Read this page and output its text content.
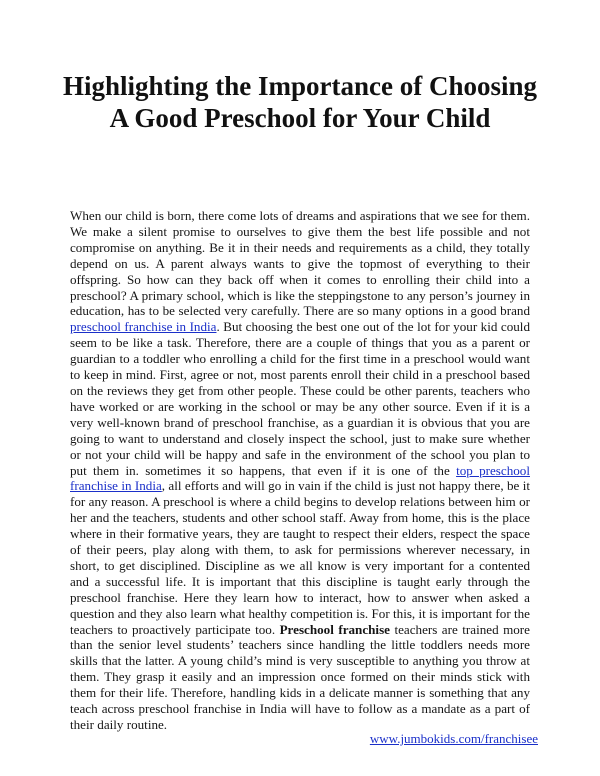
Highlighting the Importance of Choosing A Good Preschool for Your Child

When our child is born, there come lots of dreams and aspirations that we see for them. We make a silent promise to ourselves to give them the best life possible and not compromise on anything. Be it in their needs and requirements as a child, they totally depend on us. A parent always wants to give the topmost of everything to their offspring. So how can they back off when it comes to enrolling their child into a preschool? A primary school, which is like the steppingstone to any person’s journey in education, has to be selected very carefully. There are so many options in a good brand preschool franchise in India. But choosing the best one out of the lot for your kid could seem to be like a task. Therefore, there are a couple of things that you as a parent or guardian to a toddler who enrolling a child for the first time in a preschool would want to keep in mind. First, agree or not, most parents enroll their child in a preschool based on the reviews they get from other people. These could be other parents, teachers who have worked or are working in the school or may be any other source. Even if it is a very well-known brand of preschool franchise, as a guardian it is obvious that you are going to want to understand and closely inspect the school, just to make sure whether or not your child will be happy and safe in the environment of the school you plan to put them in. sometimes it so happens, that even if it is one of the top preschool franchise in India, all efforts and will go in vain if the child is just not happy there, be it for any reason. A preschool is where a child begins to develop relations between him or her and the teachers, students and other school staff. Away from home, this is the place where in their formative years, they are taught to respect their elders, respect the space of their peers, play along with them, to ask for permissions wherever necessary, in short, to get disciplined. Discipline as we all know is very important for a contented and a successful life. It is important that this discipline is taught early through the preschool franchise. Here they learn how to interact, how to answer when asked a question and they also learn what healthy competition is. For this, it is important for the teachers to proactively participate too. Preschool franchise teachers are trained more than the senior level students’ teachers since handling the little toddlers needs more skills that the latter. A young child’s mind is very susceptible to anything you throw at them. They grasp it easily and an impression once formed on their minds stick with them for their life. Therefore, handling kids in a delicate manner is something that any teach across preschool franchise in India will have to follow as a mandate as a part of their daily routine.

www.jumbokids.com/franchisee
